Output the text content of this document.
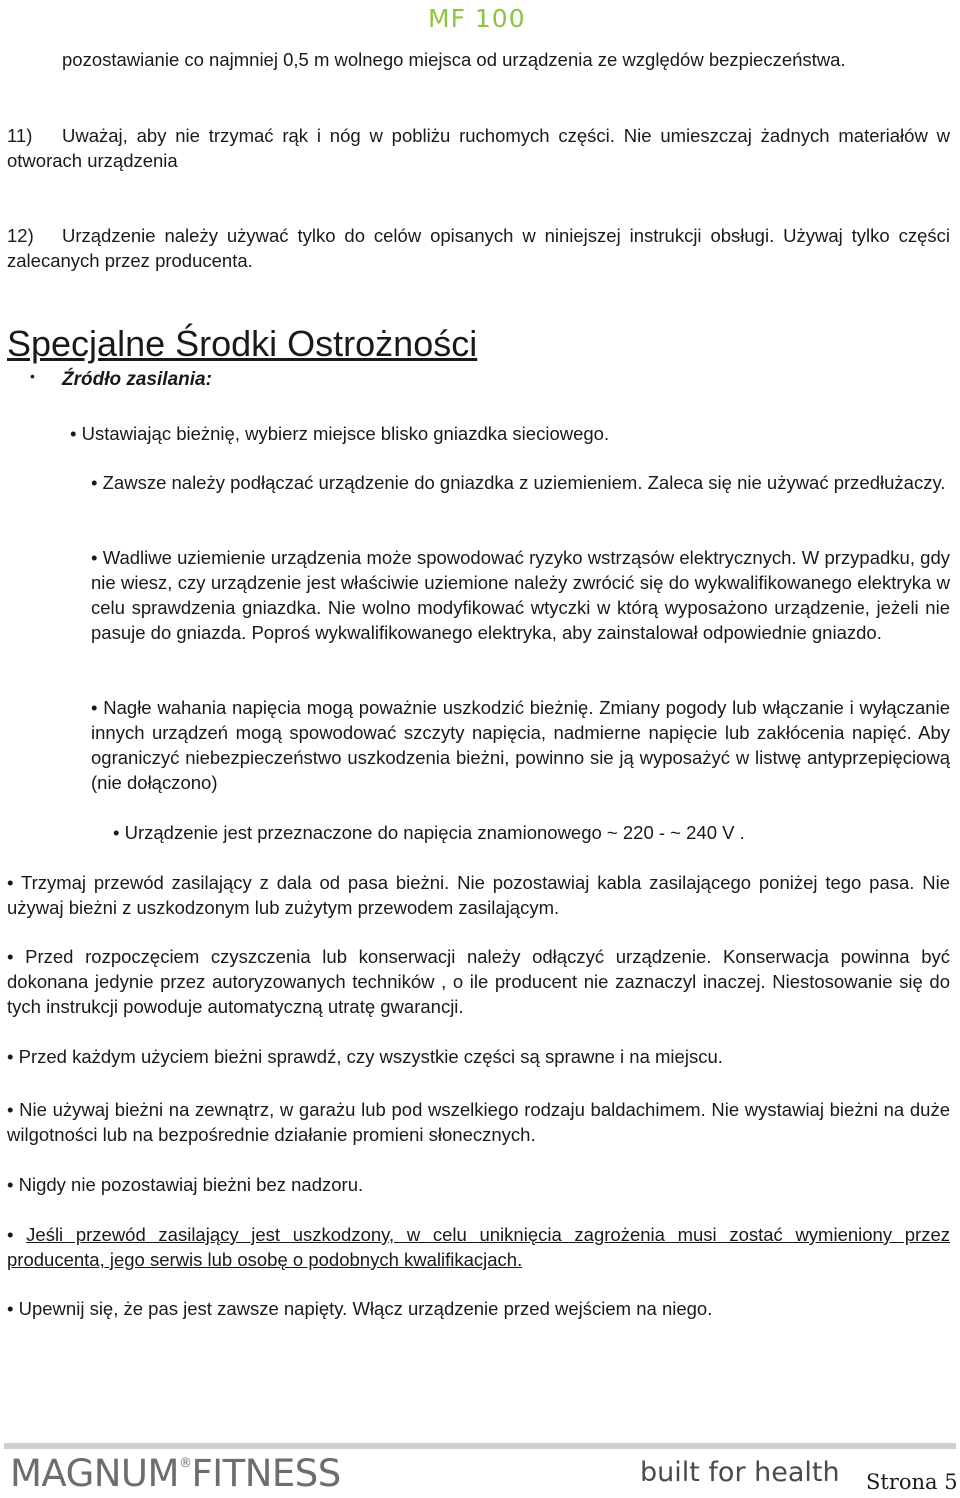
MF 100
pozostawianie co najmniej 0,5 m wolnego miejsca od urządzenia ze względów bezpieczeństwa.
11) Uważaj, aby nie trzymać rąk i nóg w pobliżu ruchomych części. Nie umieszczaj żadnych materiałów w otworach urządzenia
12) Urządzenie należy używać tylko do celów opisanych w niniejszej instrukcji obsługi. Używaj tylko części zalecanych przez producenta.
Specjalne Środki Ostrożności
• Źródło zasilania:
• Ustawiając bieżnię, wybierz miejsce blisko gniazdka sieciowego.
• Zawsze należy podłączać urządzenie do gniazdka z uziemieniem. Zaleca się nie używać przedłużaczy.
• Wadliwe uziemienie urządzenia może spowodować ryzyko wstrząsów elektrycznych. W przypadku, gdy nie wiesz, czy urządzenie jest właściwie uziemione należy zwrócić się do wykwalifikowanego elektryka w celu sprawdzenia gniazdka. Nie wolno modyfikować wtyczki w którą wyposażono urządzenie, jeżeli nie pasuje do gniazda. Poproś wykwalifikowanego elektryka, aby zainstalował odpowiednie gniazdo.
• Nagłe wahania napięcia mogą poważnie uszkodzić bieżnię. Zmiany pogody lub włączanie i wyłączanie innych urządzeń mogą spowodować szczyty napięcia, nadmierne napięcie lub zakłócenia napięć. Aby ograniczyć niebezpieczeństwo uszkodzenia bieżni, powinno sie ją wyposażyć w listwę antyprzepięciową (nie dołączono)
• Urządzenie jest przeznaczone do napięcia znamionowego ~ 220 - ~ 240 V .
• Trzymaj przewód zasilający z dala od pasa bieżni. Nie pozostawiaj kabla zasilającego poniżej tego pasa. Nie używaj bieżni z uszkodzonym lub zużytym przewodem zasilającym.
• Przed rozpoczęciem czyszczenia lub konserwacji należy odłączyć urządzenie. Konserwacja powinna być dokonana jedynie przez autoryzowanych techników , o ile producent nie zaznaczyl inaczej. Niestosowanie się do tych instrukcji powoduje automatyczną utratę gwarancji.
• Przed każdym użyciem bieżni sprawdź, czy wszystkie części są sprawne i na miejscu.
• Nie używaj bieżni na zewnątrz, w garażu lub pod wszelkiego rodzaju baldachimem. Nie wystawiaj bieżni na duże wilgotności lub na bezpośrednie działanie promieni słonecznych.
• Nigdy nie pozostawiaj bieżni bez nadzoru.
• Jeśli przewód zasilający jest uszkodzony, w celu uniknięcia zagrożenia musi zostać wymieniony przez producenta, jego serwis lub osobę o podobnych kwalifikacjach.
• Upewnij się, że pas jest zawsze napięty. Włącz urządzenie przed wejściem na niego.
MAGNUM®FITNESS	built for health Strona 5
